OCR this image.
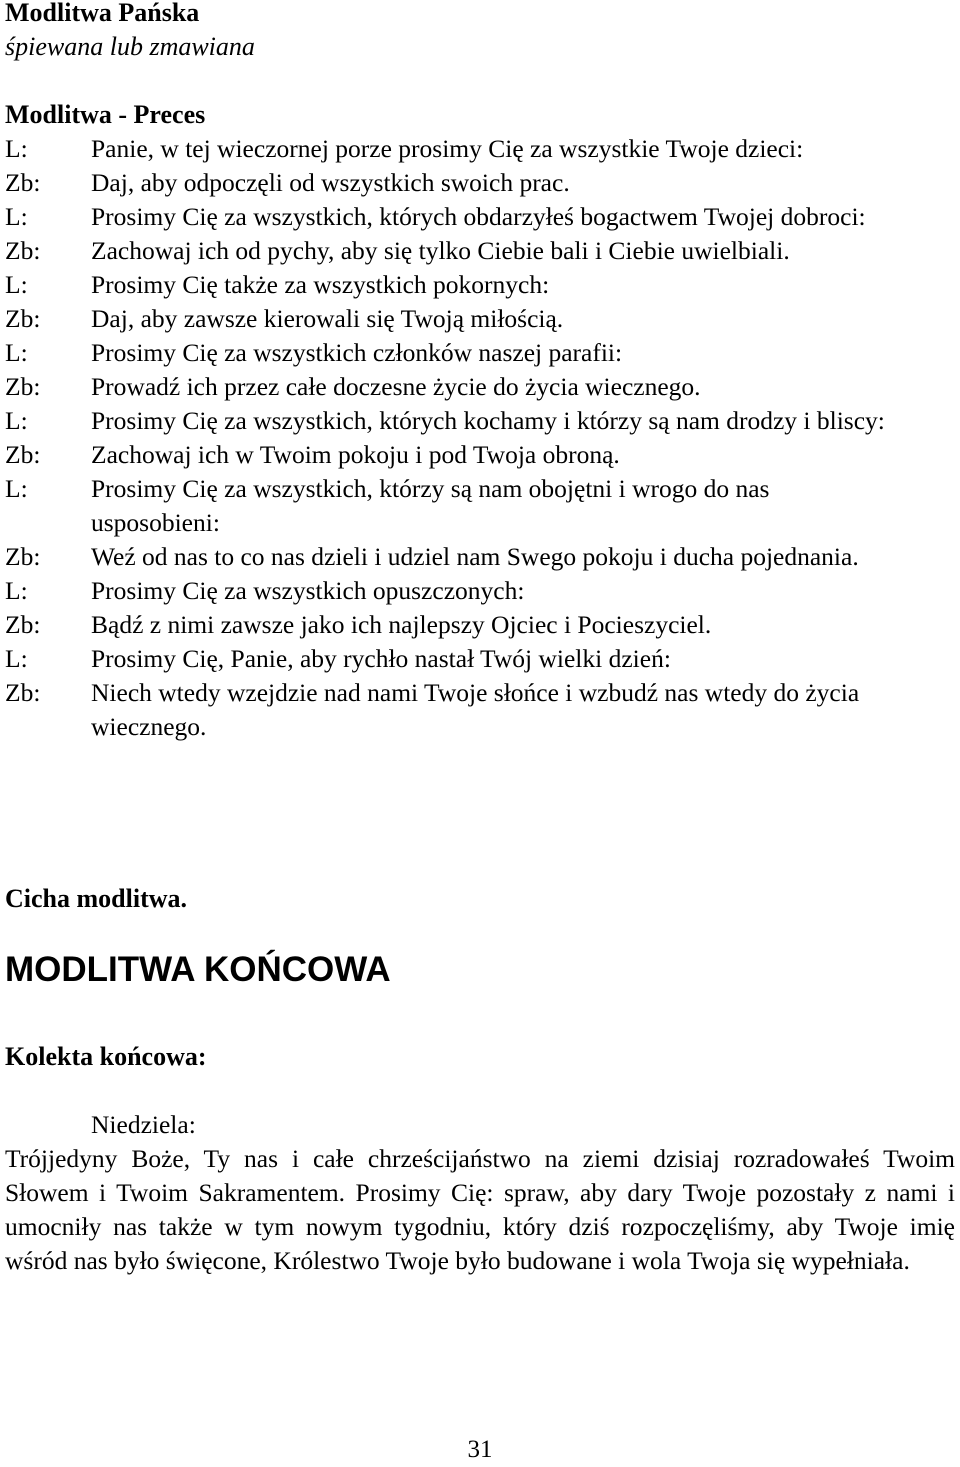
Modlitwa Pańska
śpiewana lub zmawiana
Modlitwa - Preces
L:	Panie, w tej wieczornej porze prosimy Cię za wszystkie Twoje dzieci:
Zb:	Daj, aby odpoczęli od wszystkich swoich prac.
L:	Prosimy Cię za wszystkich, których obdarzyłeś bogactwem Twojej dobroci:
Zb:	Zachowaj ich od pychy, aby się tylko Ciebie bali i Ciebie uwielbiali.
L:	Prosimy Cię także za wszystkich pokornych:
Zb:	Daj, aby zawsze kierowali się Twoją miłością.
L:	Prosimy Cię za wszystkich członków naszej parafii:
Zb:	Prowadź ich przez całe doczesne życie do życia wiecznego.
L:	Prosimy Cię za wszystkich, których kochamy i którzy są nam drodzy i bliscy:
Zb:	Zachowaj ich w Twoim pokoju i pod Twoja obroną.
L:	Prosimy Cię za wszystkich, którzy są nam obojętni i wrogo do nas usposobieni:
Zb:	Weź od nas to co nas dzieli i udziel nam Swego pokoju i ducha pojednania.
L:	Prosimy Cię za wszystkich opuszczonych:
Zb:	Bądź z nimi zawsze jako ich najlepszy Ojciec i Pocieszyciel.
L:	Prosimy Cię, Panie, aby rychło nastał Twój wielki dzień:
Zb:	Niech wtedy wzejdzie nad nami Twoje słońce i wzbudź nas wtedy do życia wiecznego.
Cicha modlitwa.
MODLITWA KOŃCOWA
Kolekta końcowa:
Niedziela:
Trójjedyny Boże, Ty nas i całe chrześcijaństwo na ziemi dzisiaj rozradowałeś Twoim Słowem i Twoim Sakramentem. Prosimy Cię: spraw, aby dary Twoje pozostały z nami i umocniły nas także w tym nowym tygodniu, który dziś rozpoczęliśmy, aby Twoje imię wśród nas było święcone, Królestwo Twoje było budowane i wola Twoja się wypełniała.
31
